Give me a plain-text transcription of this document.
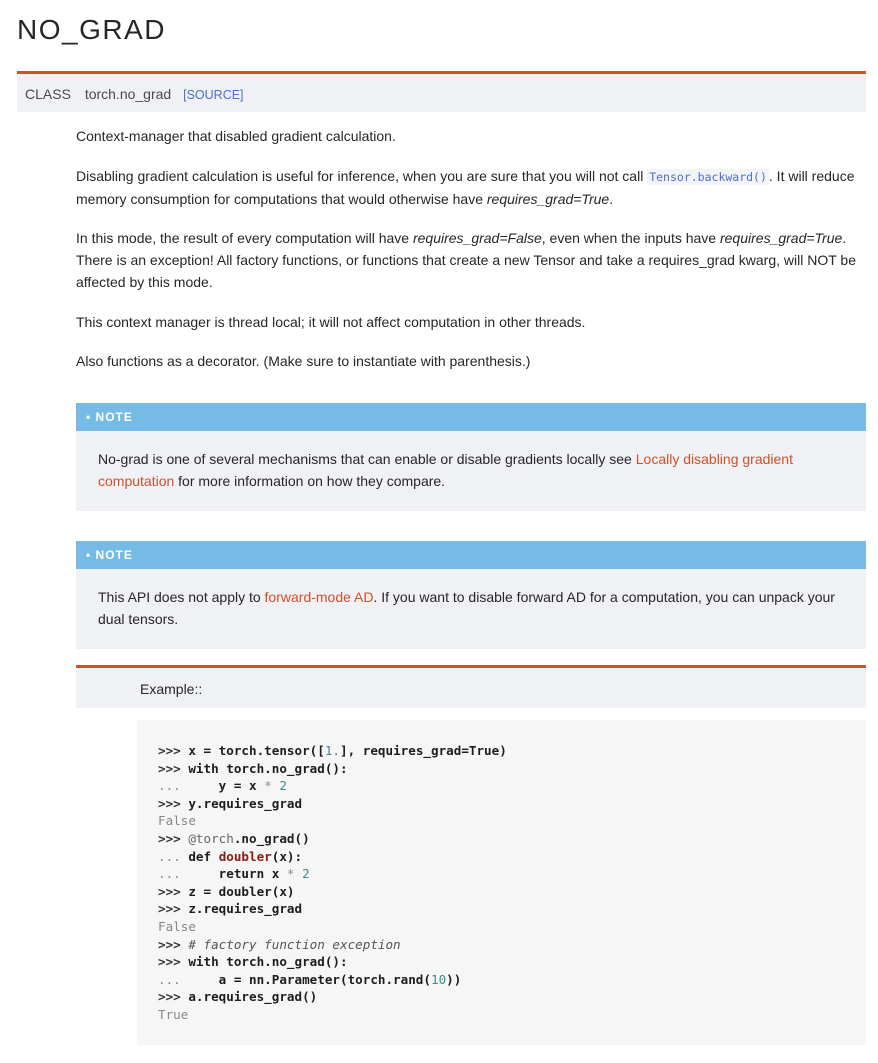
NO_GRAD
CLASS torch.no_grad [SOURCE]
Context-manager that disabled gradient calculation.
Disabling gradient calculation is useful for inference, when you are sure that you will not call Tensor.backward() . It will reduce memory consumption for computations that would otherwise have requires_grad=True.
In this mode, the result of every computation will have requires_grad=False, even when the inputs have requires_grad=True. There is an exception! All factory functions, or functions that create a new Tensor and take a requires_grad kwarg, will NOT be affected by this mode.
This context manager is thread local; it will not affect computation in other threads.
Also functions as a decorator. (Make sure to instantiate with parenthesis.)
• NOTE
No-grad is one of several mechanisms that can enable or disable gradients locally see Locally disabling gradient computation for more information on how they compare.
• NOTE
This API does not apply to forward-mode AD. If you want to disable forward AD for a computation, you can unpack your dual tensors.
Example::
>>> x = torch.tensor([1.], requires_grad=True)
>>> with torch.no_grad():
...     y = x * 2
>>> y.requires_grad
False
>>> @torch.no_grad()
... def doubler(x):
...     return x * 2
>>> z = doubler(x)
>>> z.requires_grad
False
>>> # factory function exception
>>> with torch.no_grad():
...     a = nn.Parameter(torch.rand(10))
>>> a.requires_grad()
True
